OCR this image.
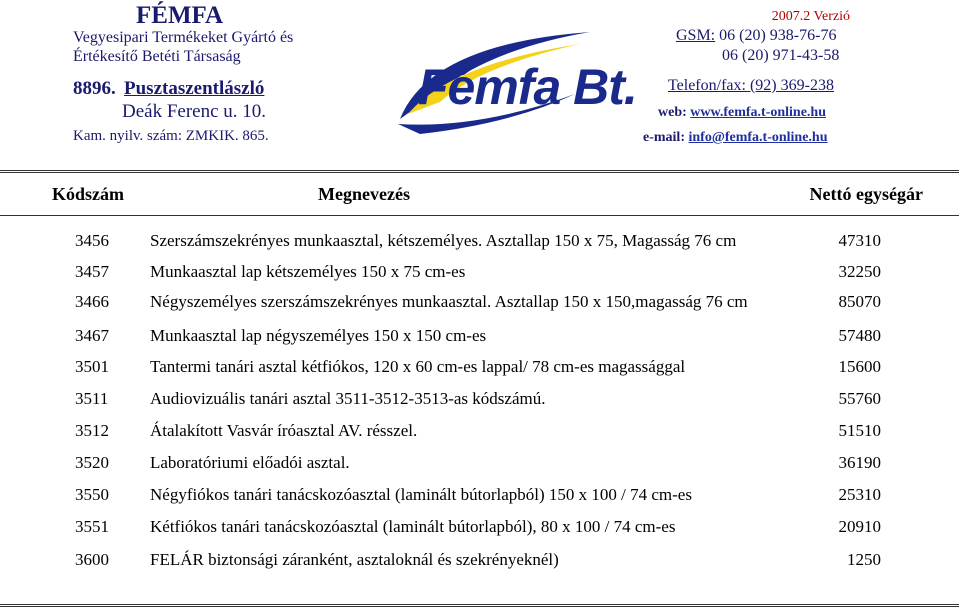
FÉMFA
Vegyesipari Termékeket Gyártó és
Értékesítő Betéti Társaság
8896. Pusztaszentlászló
Deák Ferenc u. 10.
Kam. nyilv. szám: ZMKIK. 865.
Fémfa Bt.
2007.2 Verzió
GSM: 06 (20) 938-76-76
06 (20) 971-43-58
Telefon/fax: (92) 369-238
web: www.femfa.t-online.hu
e-mail: info@femfa.t-online.hu
Kódszám	Megnevezés	Nettó egységár
3456 Szerszámszekrényes munkaasztal, kétszemélyes. Asztallap 150 x 75, Magasság 76 cm	47310
3457 Munkaasztal lap kétszemélyes 150 x 75 cm-es	32250
3466 Négyszemélyes szerszámszekrényes munkaasztal. Asztallap 150 x 150,magasság 76 cm	85070
3467 Munkaasztal lap négyszemélyes 150 x 150 cm-es	57480
3501 Tantermi tanári asztal kétfiókos, 120 x 60 cm-es lappal/ 78 cm-es magassággal	15600
3511 Audiovizuális tanári asztal 3511-3512-3513-as kódszámú.	55760
3512 Átalakított Vasvár íróasztal AV. résszel.	51510
3520 Laboratóriumi előadói asztal.	36190
3550 Négyfiókos tanári tanácskozóasztal (laminált bútorlapból) 150 x 100 / 74 cm-es	25310
3551 Kétfiókos tanári tanácskozóasztal (laminált bútorlapból), 80 x 100 / 74 cm-es	20910
3600 FELÁR biztonsági záranként, asztaloknál és szekrényeknél)	1250
